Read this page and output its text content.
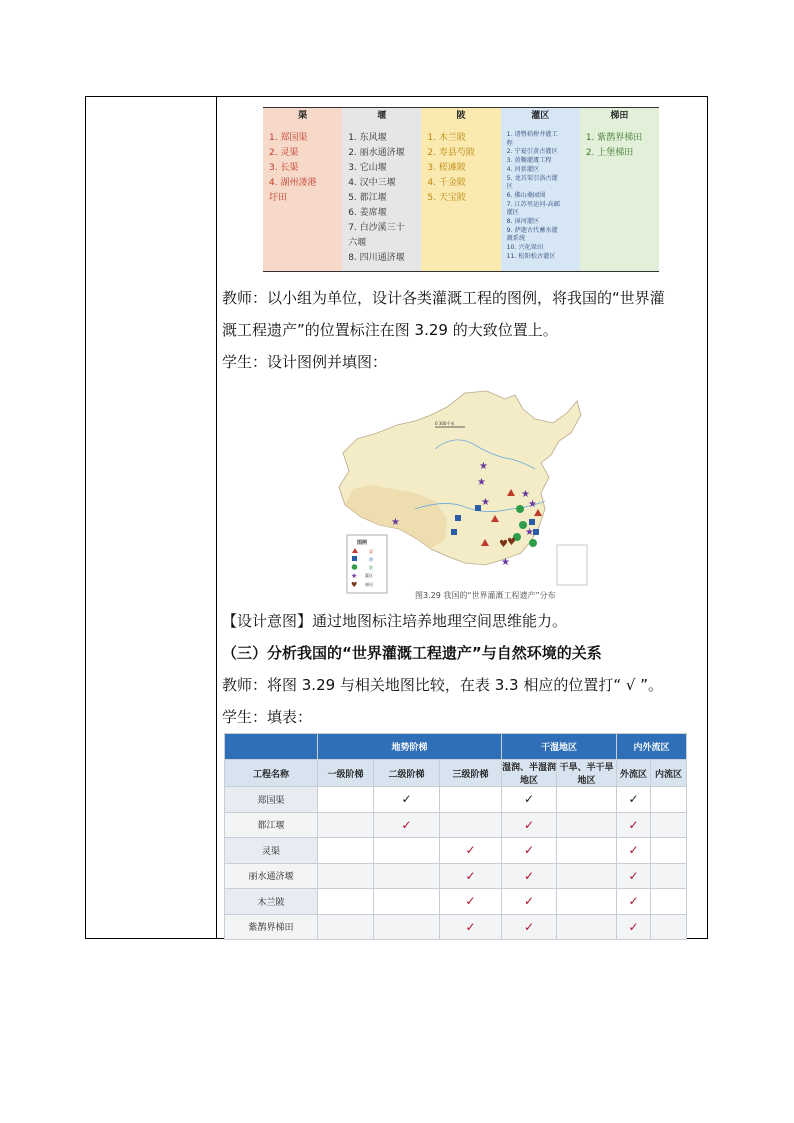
渠
1. 郑国渠
2. 灵渠
3. 长渠
4. 湖州溇港
圩田
堰
1. 东风堰
2. 丽水通济堰
3. 它山堰
4. 汉中三堰
5. 都江堰
6. 姜席堰
7. 白沙溪三十
六堰
8. 四川通济堰
陂
1. 木兰陂
2. 寿县芍陂
3. 槎滩陂
4. 千金陂
5. 天宝陂
灌区
1. 诸暨桔槔井灌工
程
2. 宁夏引黄古灌区
3. 黄鞠灌溉工程
4. 河套灌区
5. 龙首渠引洛古灌
区
6. 佛山桑园围
7. 江苏里运河-高邮
灌区
8. 漳河灌区
9. 萨迦古代蓄水灌
溉系统
10. 兴化垛田
11. 松阳松古灌区
梯田
1. 紫鹊界梯田
2. 上堡梯田
教师：以小组为单位，设计各类灌溉工程的图例，将我国的“世界灌
溉工程遗产”的位置标注在图 3.29 的大致位置上。
学生：设计图例并填图：
0 300千米
★
★
★
★
★
★
★
★
♥ ♥
图例
渠
堰
陂
★ 灌区
♥ 梯田
图3.29 我国的“世界灌溉工程遗产”分布
【设计意图】通过地图标注培养地理空间思维能力。
（三）分析我国的“世界灌溉工程遗产”与自然环境的关系
教师：将图 3.29 与相关地图比较，在表 3.3 相应的位置打“ √ ”。
学生：填表：
	地势阶梯			干湿地区		内外流区	
工程名称	一级阶梯	二级阶梯	三级阶梯	湿润、半湿润地区	干旱、半干旱地区	外流区	内流区
郑国渠		✓		✓		✓	
都江堰		✓		✓		✓	
灵渠			✓	✓		✓	
丽水通济堰			✓	✓		✓	
木兰陂			✓	✓		✓	
紫鹊界梯田			✓	✓		✓	
